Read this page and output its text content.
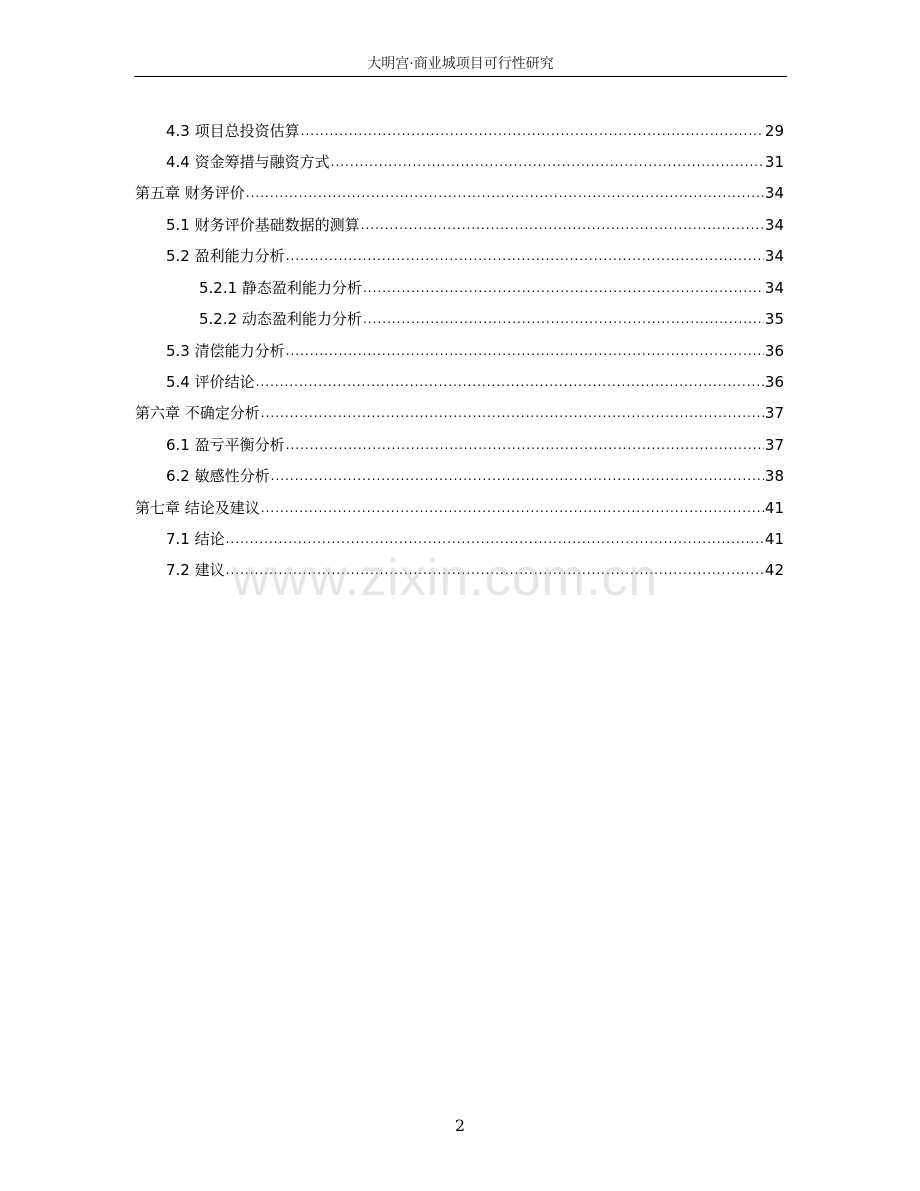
大明宫·商业城项目可行性研究
4.3 项目总投资估算 .....	29
4.4 资金筹措与融资方式 .....	31
第五章 财务评价 .....	34
5.1 财务评价基础数据的测算 .....	34
5.2 盈利能力分析 .....	34
5.2.1 静态盈利能力分析 .....	34
5.2.2 动态盈利能力分析 .....	35
5.3 清偿能力分析 .....	36
5.4 评价结论 .....	36
第六章 不确定分析 .....	37
6.1 盈亏平衡分析 .....	37
6.2 敏感性分析 .....	38
第七章 结论及建议 .....	41
7.1 结论 .....	41
7.2 建议 .....	42
www.zixin.com.cn
2
